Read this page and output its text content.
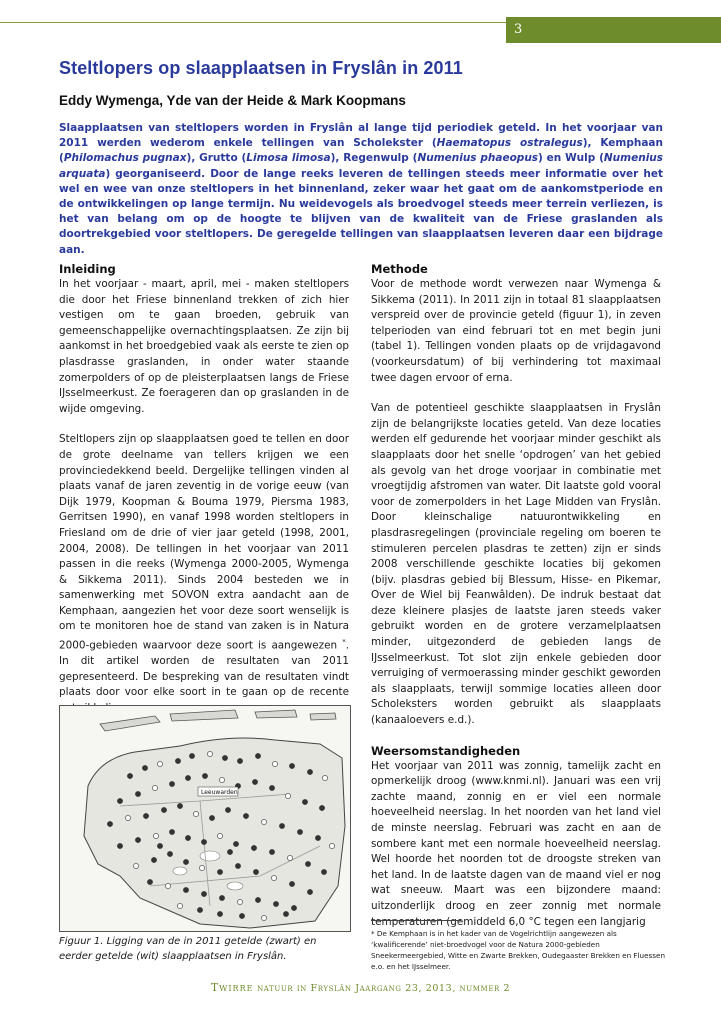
3
Steltlopers op slaapplaatsen in Fryslân in 2011

Eddy Wymenga, Yde van der Heide & Mark Koopmans

Slaapplaatsen van steltlopers worden in Fryslân al lange tijd periodiek geteld. In het voorjaar van 2011 werden wederom enkele tellingen van Scholekster (Haematopus ostralegus), Kemphaan (Philomachus pugnax), Grutto (Limosa limosa), Regenwulp (Numenius phaeopus) en Wulp (Numenius arquata) georganiseerd. Door de lange reeks leveren de tellingen steeds meer informatie over het wel en wee van onze steltlopers in het binnenland, zeker waar het gaat om de aankomstperiode en de ontwikkelingen op lange termijn. Nu weidevogels als broedvogel steeds meer terrein verliezen, is het van belang om op de hoogte te blijven van de kwaliteit van de Friese graslanden als doortrekgebied voor steltlopers. De geregelde tellingen van slaapplaatsen leveren daar een bijdrage aan.

Inleiding

In het voorjaar - maart, april, mei - maken steltlopers die door het Friese binnenland trekken of zich hier vestigen om te gaan broeden, gebruik van gemeenschappelijke overnachtingsplaatsen. Ze zijn bij aankomst in het broedgebied vaak als eerste te zien op plasdrasse graslanden, in onder water staande zomerpolders of op de pleisterplaatsen langs de Friese IJsselmeerkust. Ze foerageren dan op graslanden in de wijde omgeving.

Steltlopers zijn op slaapplaatsen goed te tellen en door de grote deelname van tellers krijgen we een provinciedekkend beeld. Dergelijke tellingen vinden al plaats vanaf de jaren zeventig in de vorige eeuw (van Dijk 1979, Koopman & Bouma 1979, Piersma 1983, Gerritsen 1990), en vanaf 1998 worden steltlopers in Friesland om de drie of vier jaar geteld (1998, 2001, 2004, 2008). De tellingen in het voorjaar van 2011 passen in die reeks (Wymenga 2000-2005, Wymenga & Sikkema 2011). Sinds 2004 besteden we in samenwerking met SOVON extra aandacht aan de Kemphaan, aangezien het voor deze soort wenselijk is om te monitoren hoe de stand van zaken is in Natura 2000-gebieden waarvoor deze soort is aangewezen *. In dit artikel worden de resultaten van 2011 gepresenteerd. De bespreking van de resultaten vindt plaats door voor elke soort in te gaan op de recente

Leeuwarden

Figuur 1. Ligging van de in 2011 getelde (zwart) en eerder getelde (wit) slaapplaatsen in Fryslân.

Methode

Voor de methode wordt verwezen naar Wymenga & Sikkema (2011). In 2011 zijn in totaal 81 slaapplaatsen verspreid over de provincie geteld (figuur 1), in zeven telperioden van eind februari tot en met begin juni (tabel 1). Tellingen vonden plaats op de vrijdagavond (voorkeursdatum) of bij verhindering tot maximaal twee dagen ervoor of erna.

Van de potentieel geschikte slaapplaatsen in Fryslân zijn de belangrijkste locaties geteld. Van deze locaties werden elf gedurende het voorjaar minder geschikt als slaapplaats door het snelle ‘opdrogen’ van het gebied als gevolg van het droge voorjaar in combinatie met vroegtijdig afstromen van water. Dit laatste gold vooral voor de zomerpolders in het Lage Midden van Fryslân. Door kleinschalige natuurontwikkeling en plasdrasregelingen (provinciale regeling om boeren te stimuleren percelen plasdras te zetten) zijn er sinds 2008 verschillende geschikte locaties bij gekomen (bijv. plasdras gebied bij Blessum, Hisse- en Pikemar, Over de Wiel bij Feanwâlden). De indruk bestaat dat deze kleinere plasjes de laatste jaren steeds vaker gebruikt worden en de grotere verzamelplaatsen minder, uitgezonderd de gebieden langs de IJsselmeerkust. Tot slot zijn enkele gebieden door verruiging of vermoerassing minder geschikt geworden als slaapplaats, terwijl sommige locaties alleen door Scholeksters worden gebruikt als slaapplaats (kanaaloevers e.d.).

Weersomstandigheden

Het voorjaar van 2011 was zonnig, tamelijk zacht en opmerkelijk droog (www.knmi.nl). Januari was een vrij zachte maand, zonnig en er viel een normale hoeveelheid neerslag. In het noorden van het land viel de minste neerslag. Februari was zacht en aan de sombere kant met een normale hoeveelheid neerslag. Wel hoorde het noorden tot de droogste streken van het land. In de laatste dagen van de maand viel er nog wat sneeuw. Maart was een bijzondere maand: uitzonderlijk droog en zeer zonnig met normale temperaturen (gemiddeld 6,0 °C tegen een langjarig

* De Kemphaan is in het kader van de Vogelrichtlijn aangewezen als ‘kwalificerende’ niet-broedvogel voor de Natura 2000-gebieden Sneekermeergebied, Witte en Zwarte Brekken, Oudegaaster Brekken en Fluessen e.o. en het IJsselmeer.

Twirre natuur in Fryslân Jaargang 23, 2013, nummer 2
